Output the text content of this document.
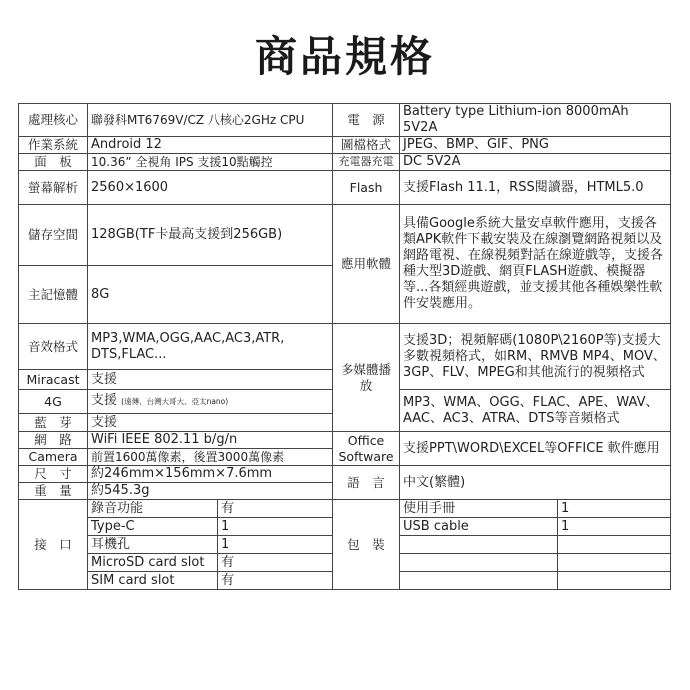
商品規格
處理核心	聯發科MT6769V/CZ 八核心2GHz CPU		電　源	Battery type Lithium-ion 8000mAh 5V2A	
作業系統	Android 12		圖檔格式	JPEG、BMP、GIF、PNG	
面　板	10.36” 全視角 IPS 支援10點觸控		充電器充電	DC 5V2A	
螢幕解析	2560×1600		Flash	支援Flash 11.1，RSS閱讀器，HTML5.0	
儲存空間	128GB(TF卡最高支援到256GB)		應用軟體	具備Google系統大量安卓軟件應用，支援各類APK軟件下載安裝及在線瀏覽網路視頻以及網路電視、在線視頻對話在線遊戲等，支援各種大型3D遊戲、網頁FLASH遊戲、模擬器等...各類經典遊戲，並支援其他各種娛樂性軟件安裝應用。	
主記憶體	8G				
音效格式	MP3,WMA,OGG,AAC,AC3,ATR, DTS,FLAC...		多媒體播放	支援3D；視頻解碼(1080P\2160P等)支援大多數視頻格式，如RM、RMVB MP4、MOV、3GP、FLV、MPEG和其他流行的視頻格式	
Miracast	支援				
4G	支援 (遠傳、台灣大哥大、亞太nano)			MP3、WMA、OGG、FLAC、APE、WAV、AAC、AC3、ATRA、DTS等音頻格式	
藍　芽	支援				
網　路	WiFi IEEE 802.11 b/g/n		Office Software	支援PPT\WORD\EXCEL等OFFICE 軟件應用	
Camera	前置1600萬像素，後置3000萬像素				
尺　寸	約246mm×156mm×7.6mm		語　言	中文(繁體)	
重　量	約545.3g				
接　口	錄音功能	有	包　裝	使用手冊	1
	Type-C	1		USB cable	1
	耳機孔	1			
	MicroSD card slot	有			
	SIM card slot	有			
